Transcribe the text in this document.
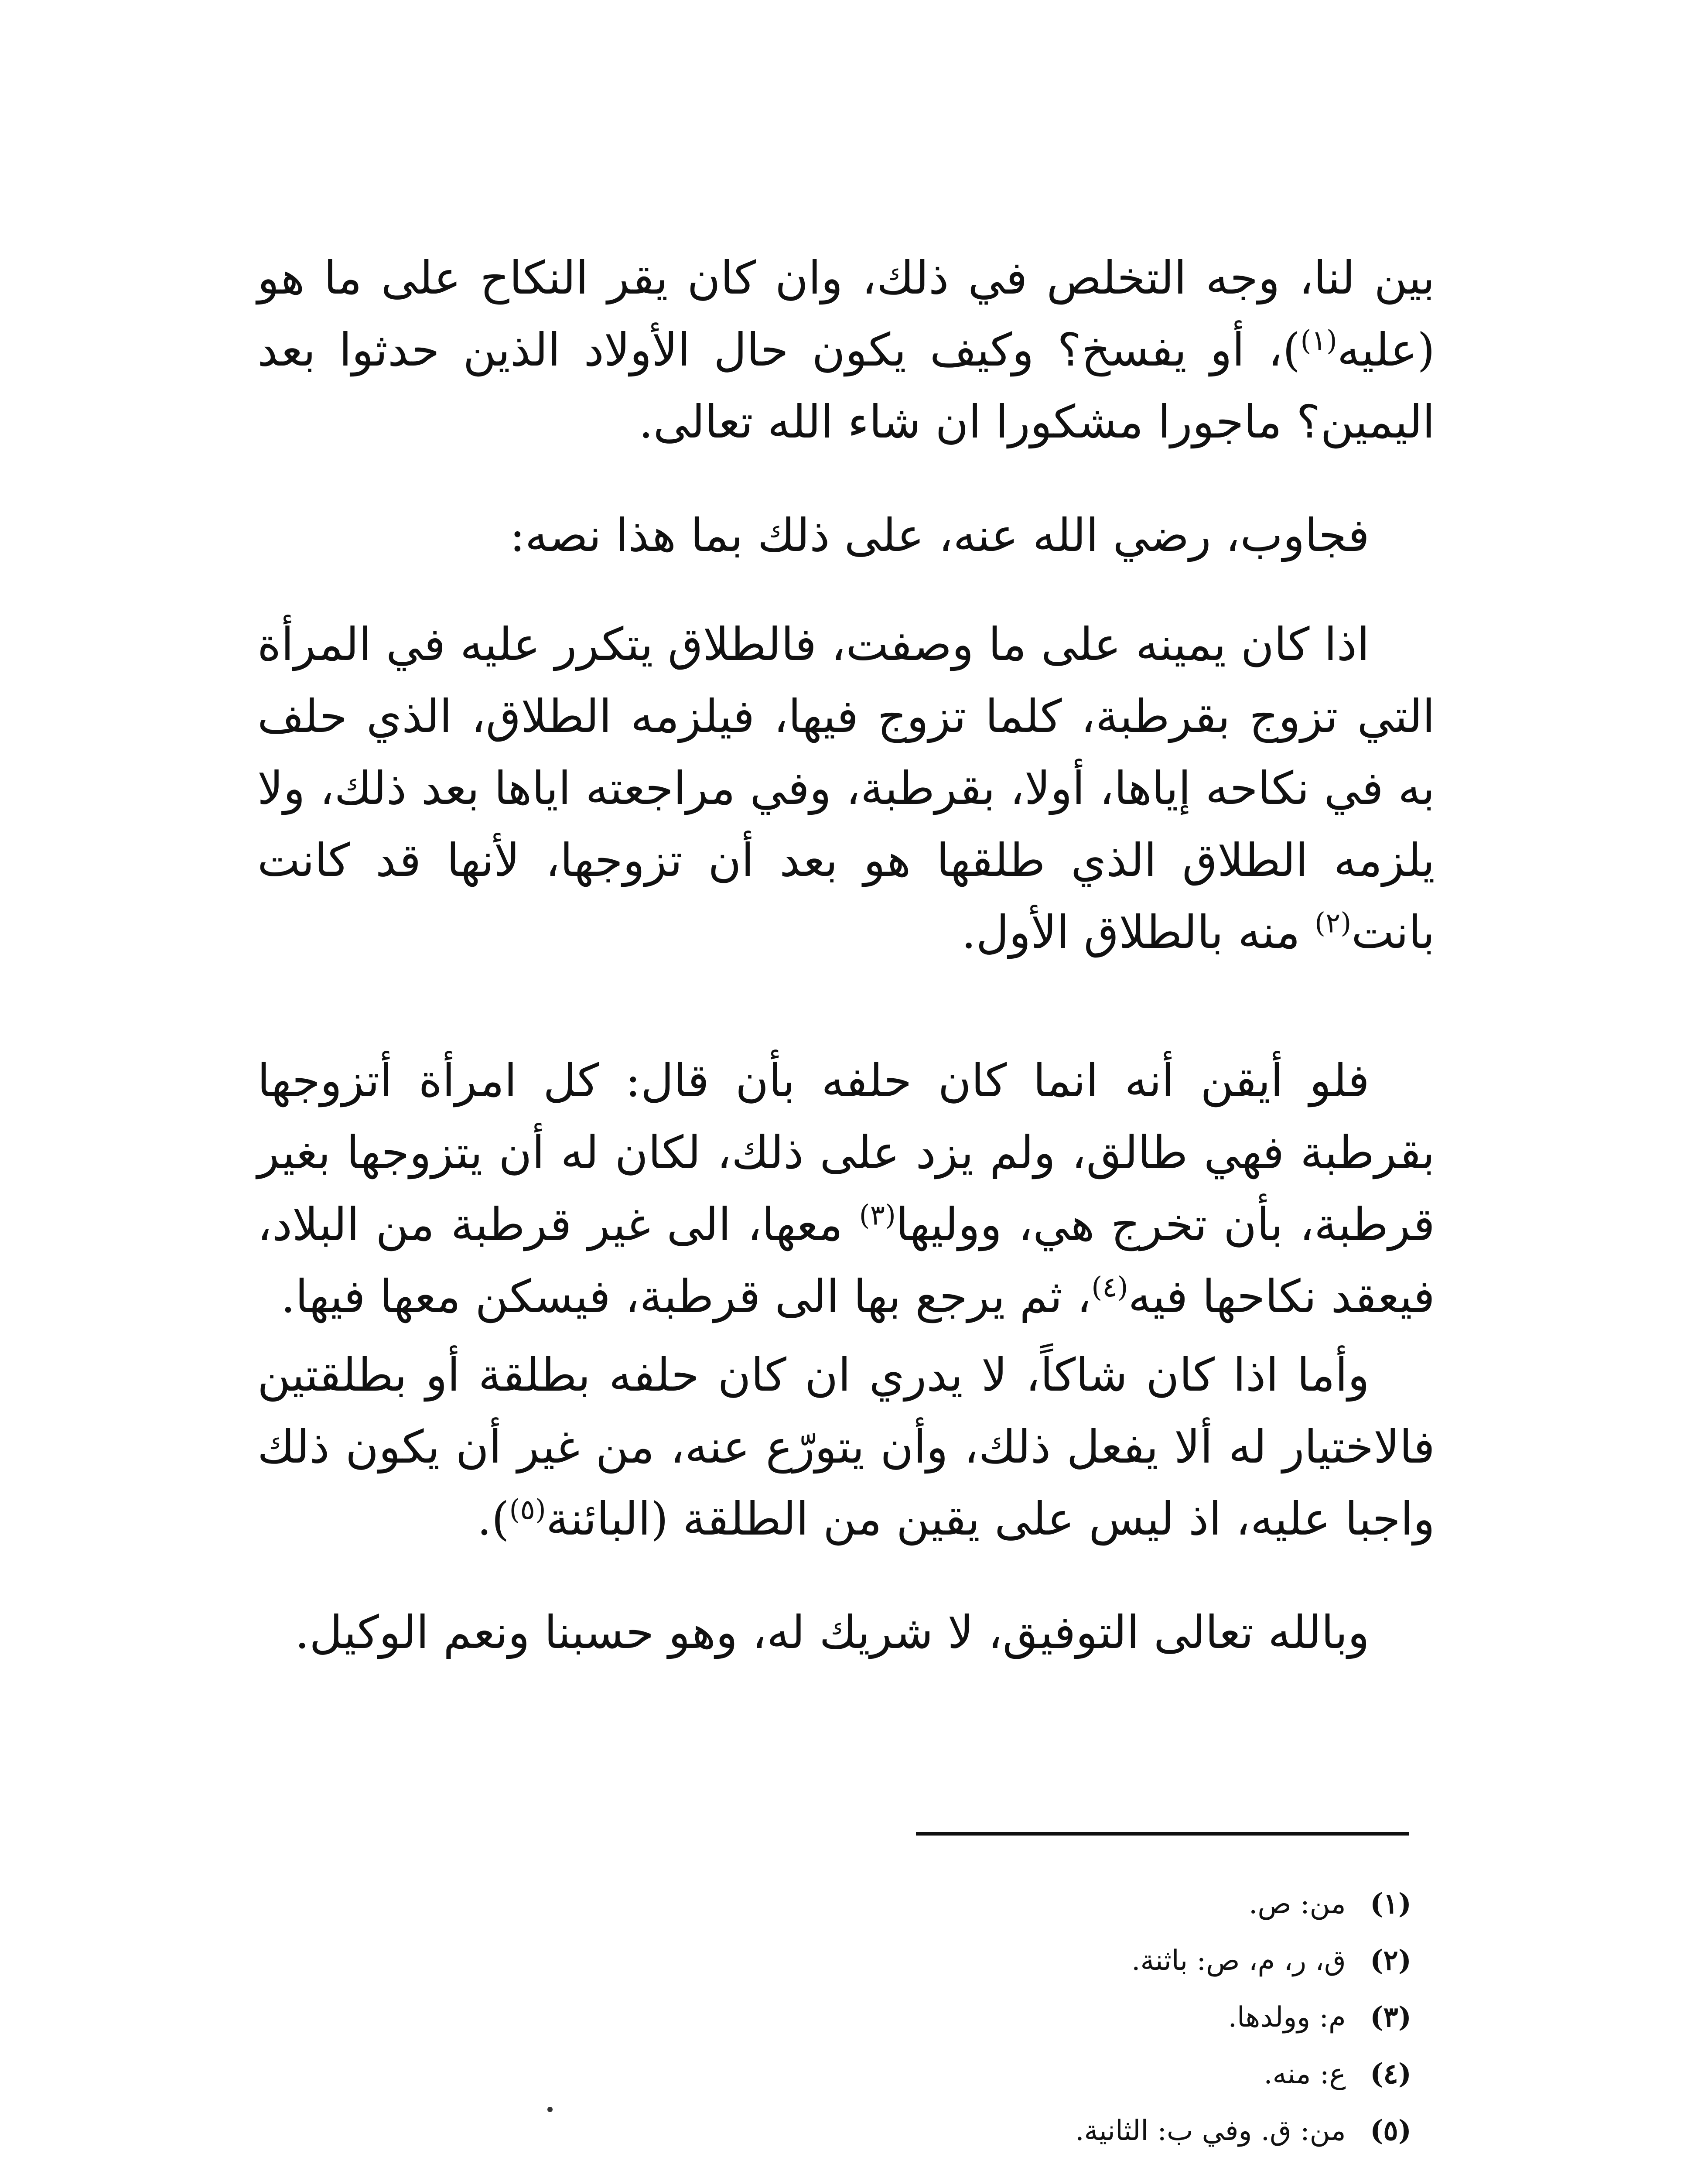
بين لنا، وجه التخلص في ذلك، وان كان يقر النكاح على ما هو (عليه$^{(١)}$)، أو يفسخ؟ وكيف يكون حال الأولاد الذين حدثوا بعد اليمين؟ ماجورا مشكورا ان شاء الله تعالى.

فجاوب، رضي الله عنه، على ذلك بما هذا نصه:

اذا كان يمينه على ما وصفت، فالطلاق يتكرر عليه في المرأة التي تزوج بقرطبة، كلما تزوج فيها، فيلزمه الطلاق، الذي حلف به في نكاحه إياها، أولا، بقرطبة، وفي مراجعته اياها بعد ذلك، ولا يلزمه الطلاق الذي طلقها هو بعد أن تزوجها، لأنها قد كانت بانت$^{(٢)}$ منه بالطلاق الأول.

فلو أيقن أنه انما كان حلفه بأن قال: كل امرأة أتزوجها بقرطبة فهي طالق، ولم يزد على ذلك، لكان له أن يتزوجها بغير قرطبة، بأن تخرج هي، ووليها$^{(٣)}$ معها، الى غير قرطبة من البلاد، فيعقد نكاحها فيه$^{(٤)}$، ثم يرجع بها الى قرطبة، فيسكن معها فيها.

وأما اذا كان شاكاً، لا يدري ان كان حلفه بطلقة أو بطلقتين فالاختيار له ألا يفعل ذلك، وأن يتورّع عنه، من غير أن يكون ذلك واجبا عليه، اذ ليس على يقين من الطلقة (البائنة$^{(٥)}$).

وبالله تعالى التوفيق، لا شريك له، وهو حسبنا ونعم الوكيل.

(١) من: ص.
(٢) ق، ر، م، ص: باثنة.
(٣) م: وولدها.
(٤) ع: منه.
(٥) من: ق. وفي ب: الثانية.
